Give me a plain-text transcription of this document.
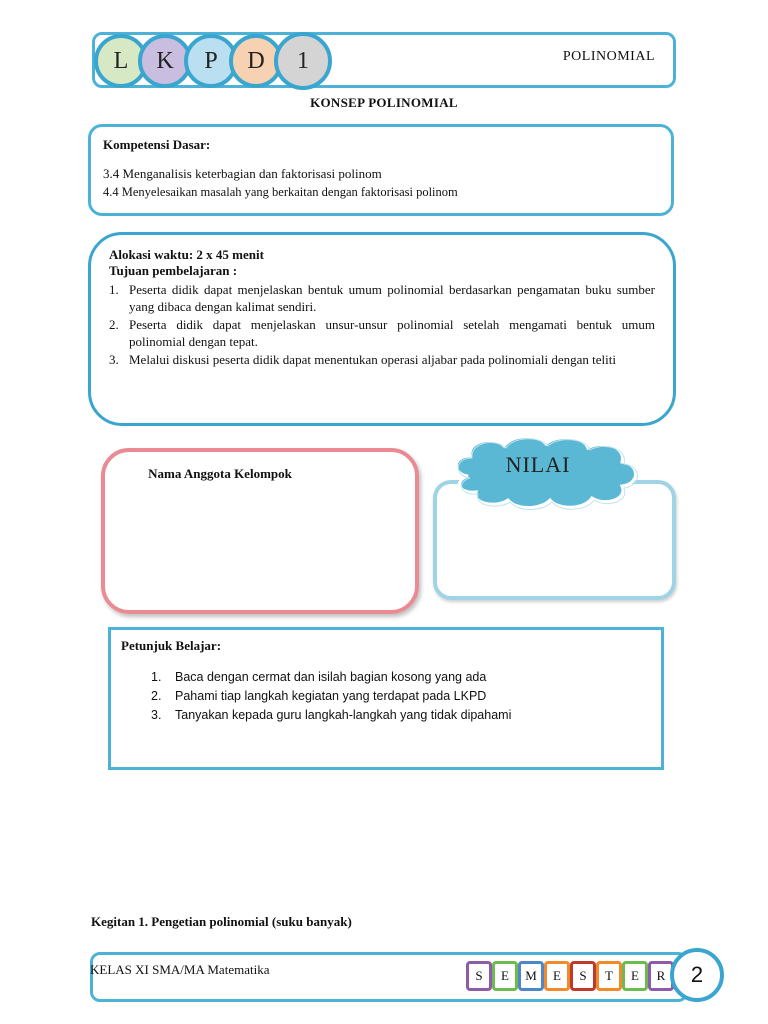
POLINOMIAL
L K P D 1
KONSEP POLINOMIAL
Kompetensi Dasar:
3.4 Menganalisis keterbagian dan faktorisasi polinom
4.4 Menyelesaikan masalah yang berkaitan dengan faktorisasi polinom
Alokasi waktu: 2 x 45 menit
Tujuan pembelajaran :
1. Peserta didik dapat menjelaskan bentuk umum polinomial berdasarkan pengamatan buku sumber yang dibaca dengan kalimat sendiri.
2. Peserta didik dapat menjelaskan unsur-unsur polinomial setelah mengamati bentuk umum polinomial dengan tepat.
3. Melalui diskusi peserta didik dapat menentukan operasi aljabar pada polinomiali dengan teliti
Nama Anggota Kelompok	NILAI
Petunjuk Belajar:
1. Baca dengan cermat dan isilah bagian kosong yang ada
2. Pahami tiap langkah kegiatan yang terdapat pada LKPD
3. Tanyakan kepada guru langkah-langkah yang tidak dipahami
Kegitan 1. Pengetian polinomial (suku banyak)
KELAS XI SMA/MA Matematika	S E M E S T E R	2
